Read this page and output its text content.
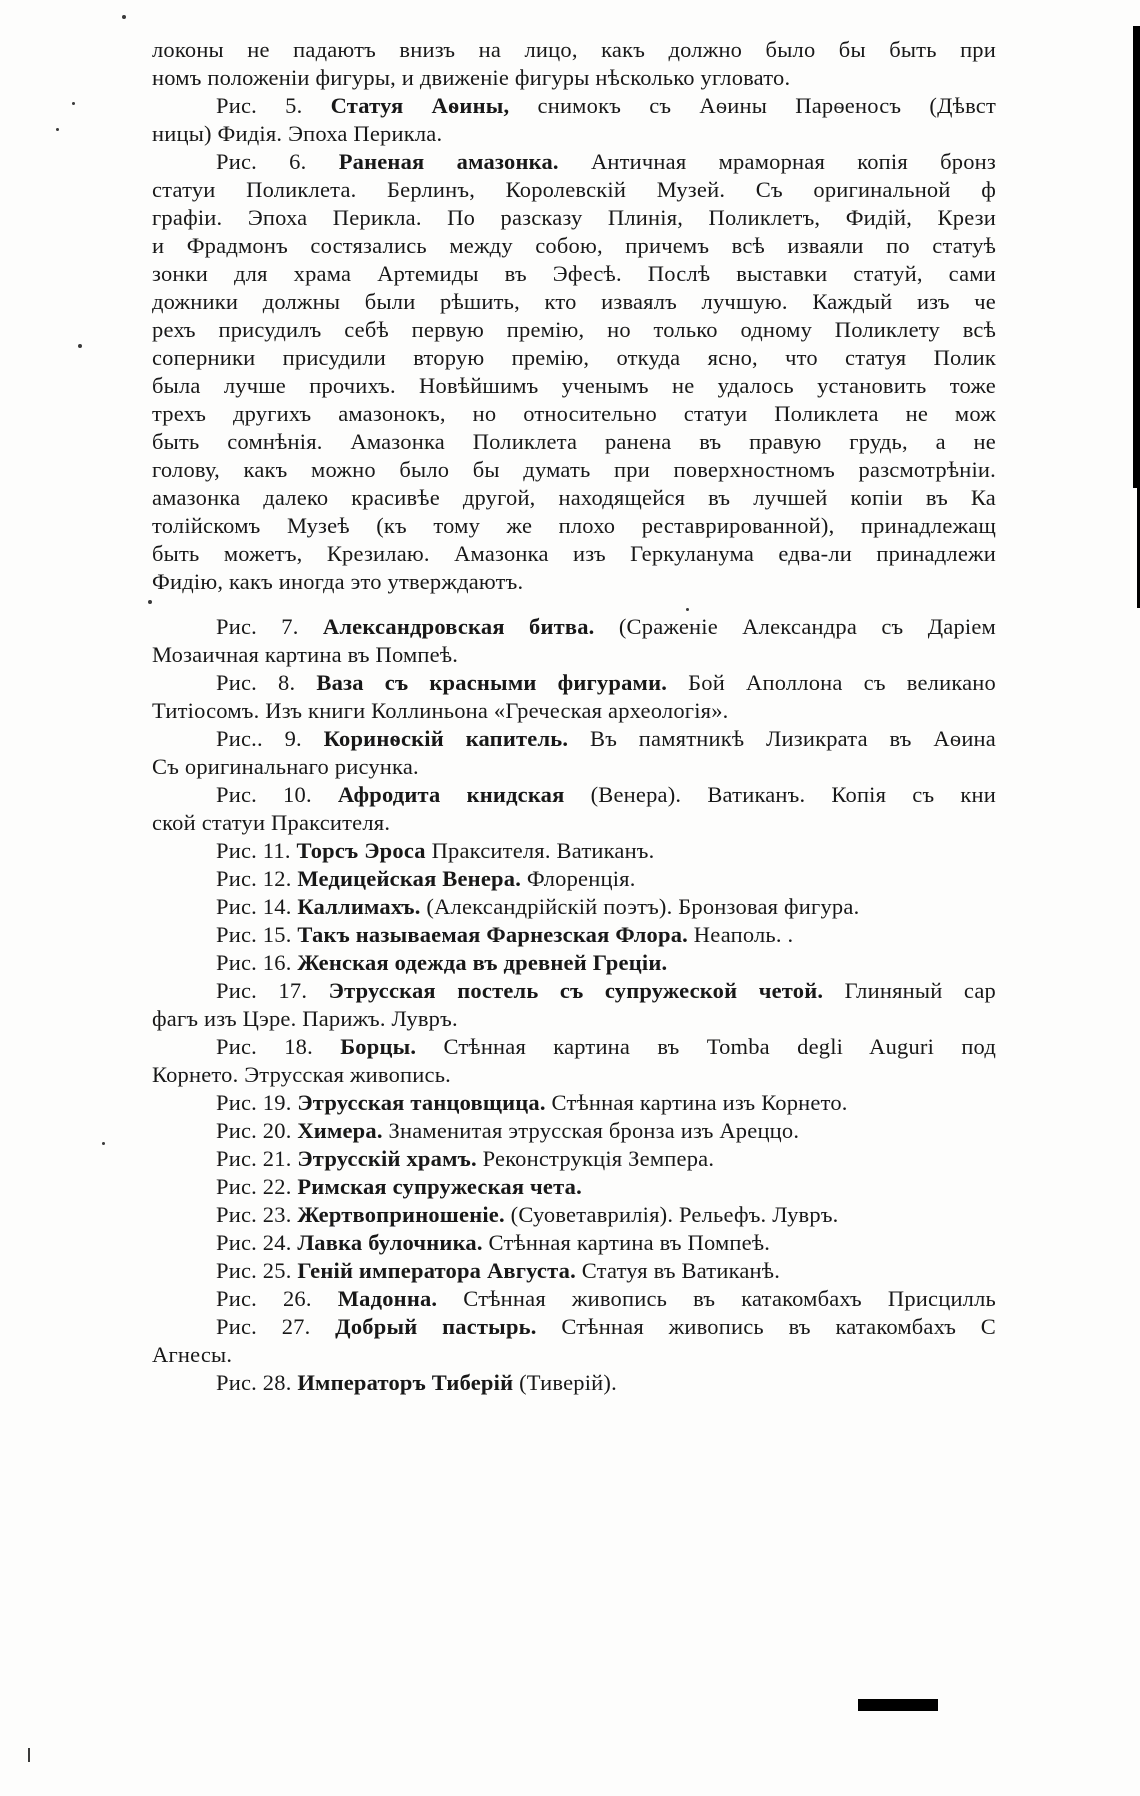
локоны не падаютъ внизъ на лицо, какъ должно было бы быть при
номъ положеніи фигуры, и движеніе фигуры нѣсколько угловато.
Рис. 5. Статуя Аѳины, снимокъ съ Аѳины Парѳеносъ (Дѣвст
ницы) Фидія. Эпоха Перикла.
Рис. 6. Раненая амазонка. Античная мраморная копія бронз
статуи Поликлета. Берлинъ, Королевскій Музей. Съ оригинальной ф
графіи. Эпоха Перикла. По разсказу Плинія, Поликлетъ, Фидій, Крези
и Фрадмонъ состязались между собою, причемъ всѣ изваяли по статуѣ
зонки для храма Артемиды въ Эфесѣ. Послѣ выставки статуй, сами
дожники должны были рѣшить, кто изваялъ лучшую. Каждый изъ че
рехъ присудилъ себѣ первую премію, но только одному Поликлету всѣ
соперники присудили вторую премію, откуда ясно, что статуя Полик
была лучше прочихъ. Новѣйшимъ ученымъ не удалось установить тоже
трехъ другихъ амазонокъ, но относительно статуи Поликлета не мож
быть сомнѣнія. Амазонка Поликлета ранена въ правую грудь, а не
голову, какъ можно было бы думать при поверхностномъ разсмотрѣніи.
амазонка далеко красивѣе другой, находящейся въ лучшей копіи въ Ка
толійскомъ Музеѣ (къ тому же плохо реставрированной), принадлежащ
быть можетъ, Крезилаю. Амазонка изъ Геркуланума едва-ли принадлежи
Фидію, какъ иногда это утверждаютъ.
Рис. 7. Александровская битва. (Сраженіе Александра съ Даріем
Мозаичная картина въ Помпеѣ.
Рис. 8. Ваза съ красными фигурами. Бой Аполлона съ великано
Титіосомъ. Изъ книги Коллиньона «Греческая археологія».
Рис.. 9. Коринѳскій капитель. Въ памятникѣ Лизикрата въ Аѳина
Съ оригинальнаго рисунка.
Рис. 10. Афродита книдская (Венера). Ватиканъ. Копія съ кни
ской статуи Праксителя.
Рис. 11. Торсъ Эроса Праксителя. Ватиканъ.
Рис. 12. Медицейская Венера. Флоренція.
Рис. 14. Каллимахъ. (Александрійскій поэтъ). Бронзовая фигура.
Рис. 15. Такъ называемая Фарнезская Флора. Неаполь. .
Рис. 16. Женская одежда въ древней Греціи.
Рис. 17. Этрусская постель съ супружеской четой. Глиняный сар
фагъ изъ Цэре. Парижъ. Лувръ.
Рис. 18. Борцы. Стѣнная картина въ Tomba degli Auguri под
Корнето. Этрусская живопись.
Рис. 19. Этрусская танцовщица. Стѣнная картина изъ Корнето.
Рис. 20. Химера. Знаменитая этрусская бронза изъ Ареццо.
Рис. 21. Этрусскій храмъ. Реконструкція Земпера.
Рис. 22. Римская супружеская чета.
Рис. 23. Жертвоприношеніе. (Суоветаврилія). Рельефъ. Лувръ.
Рис. 24. Лавка булочника. Стѣнная картина въ Помпеѣ.
Рис. 25. Геній императора Августа. Статуя въ Ватиканѣ.
Рис. 26. Мадонна. Стѣнная живопись въ катакомбахъ Присцилль
Рис. 27. Добрый пастырь. Стѣнная живопись въ катакомбахъ С
Агнесы.
Рис. 28. Императоръ Тиберій (Тиверій).
